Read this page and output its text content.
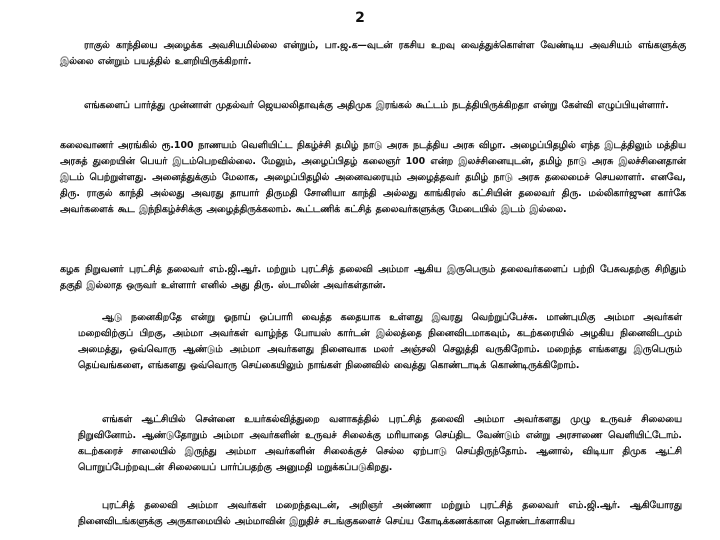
2

ராகுல் காந்தியை அழைக்க அவசியமில்லை என்றும், பா.ஜ.க—வுடன் ரகசிய உறவு வைத்துக்கொள்ள வேண்டிய அவசியம் எங்களுக்கு இல்லை என்றும் பயத்தில் உளறியிருக்கிறார்.

எங்களைப் பார்த்து முன்னாள் முதல்வர் ஜெயலலிதாவுக்கு அதிமுக இரங்கல் கூட்டம் நடத்தியிருக்கிறதா என்று கேள்வி எழுப்பியுள்ளார்.

கலைவாணர் அரங்கில் ரூ.100 நாணயம் வெளியிட்ட நிகழ்ச்சி தமிழ் நாடு அரசு நடத்திய அரசு விழா. அழைப்பிதழில் எந்த இடத்திலும் மத்திய அரசுத் துறையின் பெயர் இடம்பெறவில்லை. மேலும், அழைப்பிதழ் கலைஞர் 100 என்ற இலச்சினையுடன், தமிழ் நாடு அரசு இலச்சினைதான் இடம் பெற்றுள்ளது. அனைத்துக்கும் மேலாக, அழைப்பிதழில் அனைவரையும் அழைத்தவர் தமிழ் நாடு அரசு தலைமைச் செயலாளர். எனவே, திரு. ராகுல் காந்தி அல்லது அவரது தாயார் திருமதி சோனியா காந்தி அல்லது காங்கிரஸ் கட்சியின் தலைவர் திரு. மல்லிகார்ஜுன கார்கே அவர்களைக் கூட இந்நிகழ்ச்சிக்கு அழைத்திருக்கலாம். கூட்டணிக் கட்சித் தலைவர்களுக்கு மேடையில் இடம் இல்லை.

கழக நிறுவனர் புரட்சித் தலைவர் எம்.ஜி.ஆர். மற்றும் புரட்சித் தலைவி அம்மா ஆகிய இருபெரும் தலைவர்களைப் பற்றி பேசுவதற்கு சிறிதும் தகுதி இல்லாத ஒருவர் உள்ளார் எனில் அது திரு. ஸ்டாலின் அவர்கள்தான்.

ஆடு நனைகிறதே என்று ஓநாய் ஒப்பாரி வைத்த கதையாக உள்ளது இவரது வெற்றுப்பேச்சு. மாண்புமிகு அம்மா அவர்கள் மறைவிற்குப் பிறகு, அம்மா அவர்கள் வாழ்ந்த போயஸ் கார்டன் இல்லத்தை நினைவிடமாகவும், கடற்கரையில் அழகிய நினைவிடமும் அமைத்து, ஒவ்வொரு ஆண்டும் அம்மா அவர்களது நினைவாக மலர் அஞ்சலி செலுத்தி வருகிறோம். மறைந்த எங்களது இருபெரும் தெய்வங்களை, எங்களது ஒவ்வொரு செய்கையிலும் நாங்கள் நினைவில் வைத்து கொண்டாடிக் கொண்டிருக்கிறோம்.

எங்கள் ஆட்சியில் சென்னை உயர்கல்வித்துறை வளாகத்தில் புரட்சித் தலைவி அம்மா அவர்களது முழு உருவச் சிலையை நிறுவினோம். ஆண்டுதோறும் அம்மா அவர்களின் உருவச் சிலைக்கு மரியாதை செய்திட வேண்டும் என்று அரசாணை வெளியிட்டோம். கடற்கரைச் சாலையில் இருந்து அம்மா அவர்களின் சிலைக்குச் செல்ல ஏற்பாடு செய்திருந்தோம். ஆனால், விடியா திமுக ஆட்சி பொறுப்பேற்றவுடன் சிலையைப் பார்ப்பதற்கு அனுமதி மறுக்கப்படுகிறது.

புரட்சித் தலைவி அம்மா அவர்கள் மறைந்தவுடன், அறிஞர் அண்ணா மற்றும் புரட்சித் தலைவர் எம்.ஜி.ஆர். ஆகியோரது நினைவிடங்களுக்கு அருகாமையில் அம்மாவின் இறுதிச் சடங்குகளைச் செய்ய கோடிக்கணக்கான தொண்டர்களாகிய
